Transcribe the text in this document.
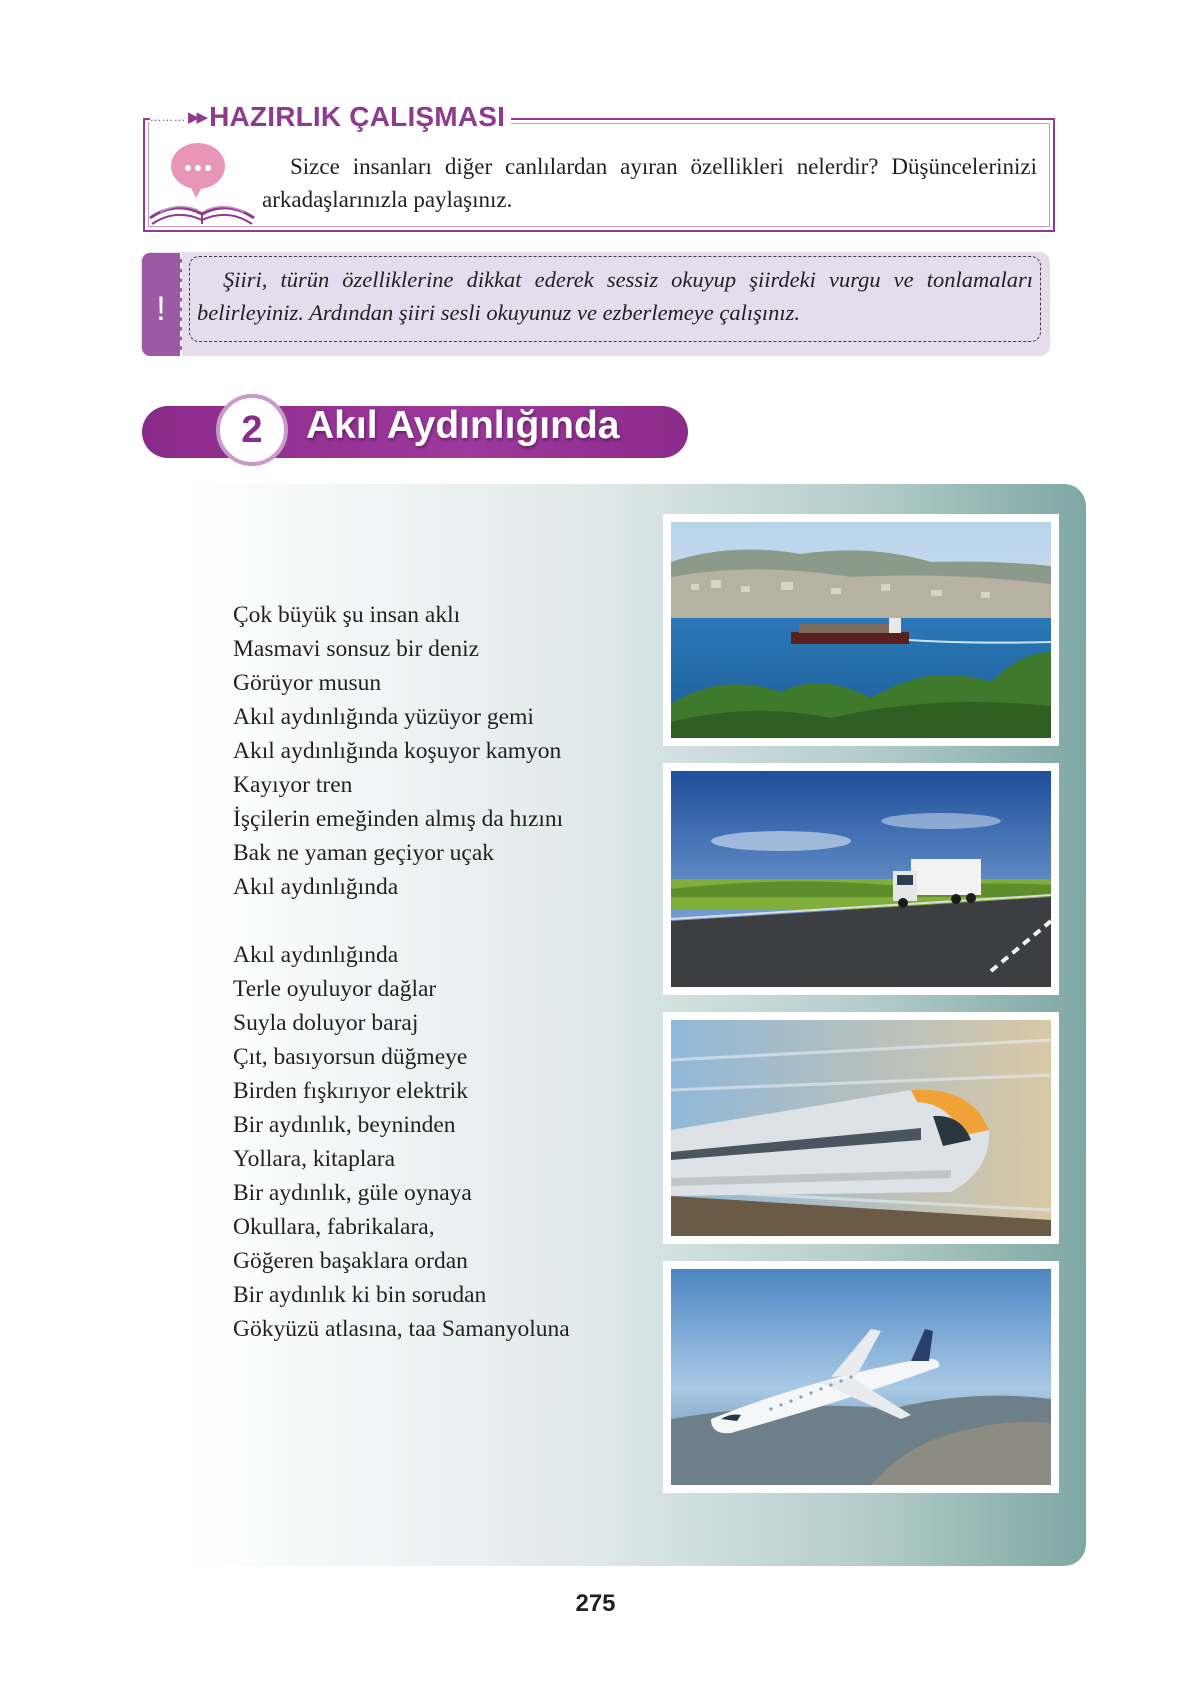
……… ▶▶ HAZIRLIK ÇALIŞMASI
Sizce insanları diğer canlılardan ayıran özellikleri nelerdir? Düşüncelerinizi arkadaşlarınızla paylaşınız.
!
Şiiri, türün özelliklerine dikkat ederek sessiz okuyup şiirdeki vurgu ve tonlamaları belirleyiniz. Ardından şiiri sesli okuyunuz ve ezberlemeye çalışınız.
2	Akıl Aydınlığında
Çok büyük şu insan aklı
Masmavi sonsuz bir deniz
Görüyor musun
Akıl aydınlığında yüzüyor gemi
Akıl aydınlığında koşuyor kamyon
Kayıyor tren
İşçilerin emeğinden almış da hızını
Bak ne yaman geçiyor uçak
Akıl aydınlığında
Akıl aydınlığında
Terle oyuluyor dağlar
Suyla doluyor baraj
Çıt, basıyorsun düğmeye
Birden fışkırıyor elektrik
Bir aydınlık, beyninden
Yollara, kitaplara
Bir aydınlık, güle oynaya
Okullara, fabrikalara,
Göğeren başaklara ordan
Bir aydınlık ki bin sorudan
Gökyüzü atlasına, taa Samanyoluna
275
